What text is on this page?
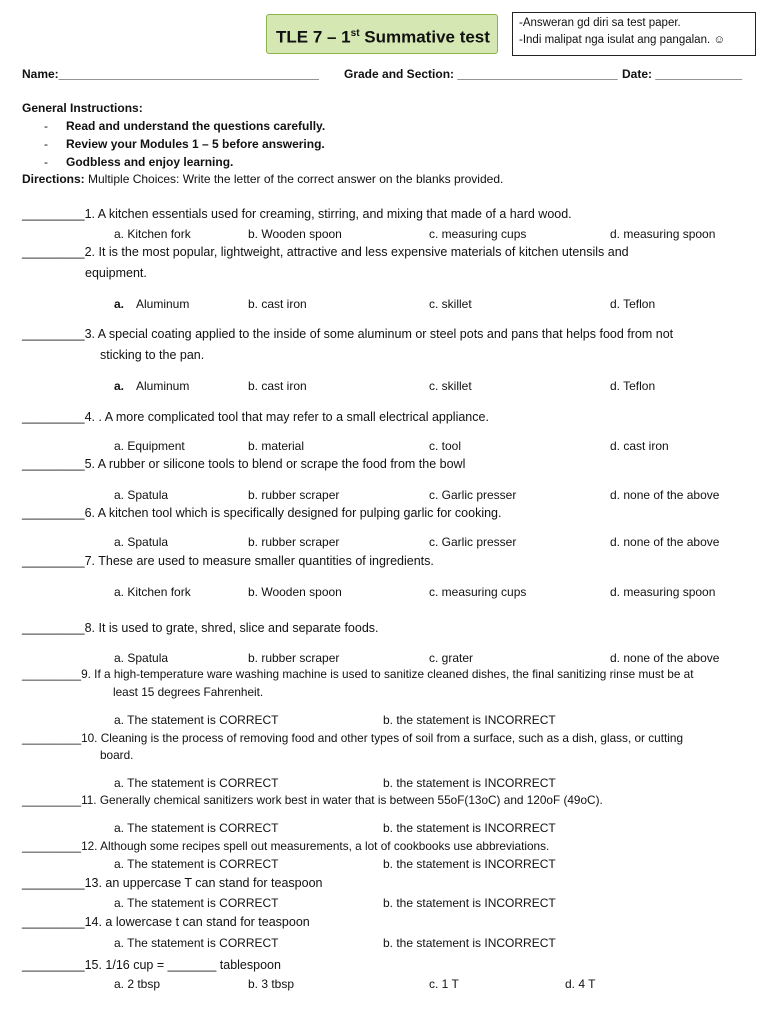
TLE 7 – 1st Summative test
-Answeran gd diri sa test paper.
-Indi malipat nga isulat ang pangalan. ☺
Name:_______________________________________ Grade and Section: ________________________ Date: _____________
General Instructions:
- Read and understand the questions carefully.
- Review your Modules 1 – 5 before answering.
- Godbless and enjoy learning.
Directions: Multiple Choices: Write the letter of the correct answer on the blanks provided.
_________1. A kitchen essentials used for creaming, stirring, and mixing that made of a hard wood.
a. Kitchen fork	b. Wooden spoon	c. measuring cups	d. measuring spoon
_________2. It is the most popular, lightweight, attractive and less expensive materials of kitchen utensils and
equipment.
a. Aluminum	b. cast iron	c. skillet	d. Teflon
_________3. A special coating applied to the inside of some aluminum or steel pots and pans that helps food from not
sticking to the pan.
a. Aluminum	b. cast iron	c. skillet	d. Teflon
_________4. . A more complicated tool that may refer to a small electrical appliance.
a. Equipment	b. material	c. tool	d. cast iron
_________5. A rubber or silicone tools to blend or scrape the food from the bowl
a. Spatula	b. rubber scraper	c. Garlic presser	d. none of the above
_________6. A kitchen tool which is specifically designed for pulping garlic for cooking.
a. Spatula	b. rubber scraper	c. Garlic presser	d. none of the above
_________7. These are used to measure smaller quantities of ingredients.
a. Kitchen fork	b. Wooden spoon	c. measuring cups	d. measuring spoon
_________8. It is used to grate, shred, slice and separate foods.
a. Spatula	b. rubber scraper	c. grater	d. none of the above
_________9. If a high-temperature ware washing machine is used to sanitize cleaned dishes, the final sanitizing rinse must be at
least 15 degrees Fahrenheit.
a. The statement is CORRECT	b. the statement is INCORRECT
_________10. Cleaning is the process of removing food and other types of soil from a surface, such as a dish, glass, or cutting
board.
a. The statement is CORRECT	b. the statement is INCORRECT
_________11. Generally chemical sanitizers work best in water that is between 55oF(13oC) and 120oF (49oC).
a. The statement is CORRECT	b. the statement is INCORRECT
_________12. Although some recipes spell out measurements, a lot of cookbooks use abbreviations.
a. The statement is CORRECT	b. the statement is INCORRECT
_________13. an uppercase T can stand for teaspoon
a. The statement is CORRECT	b. the statement is INCORRECT
_________14. a lowercase t can stand for teaspoon
a. The statement is CORRECT	b. the statement is INCORRECT
_________15. 1/16 cup = _______ tablespoon
a. 2 tbsp	b. 3 tbsp	c. 1 T	d. 4 T
